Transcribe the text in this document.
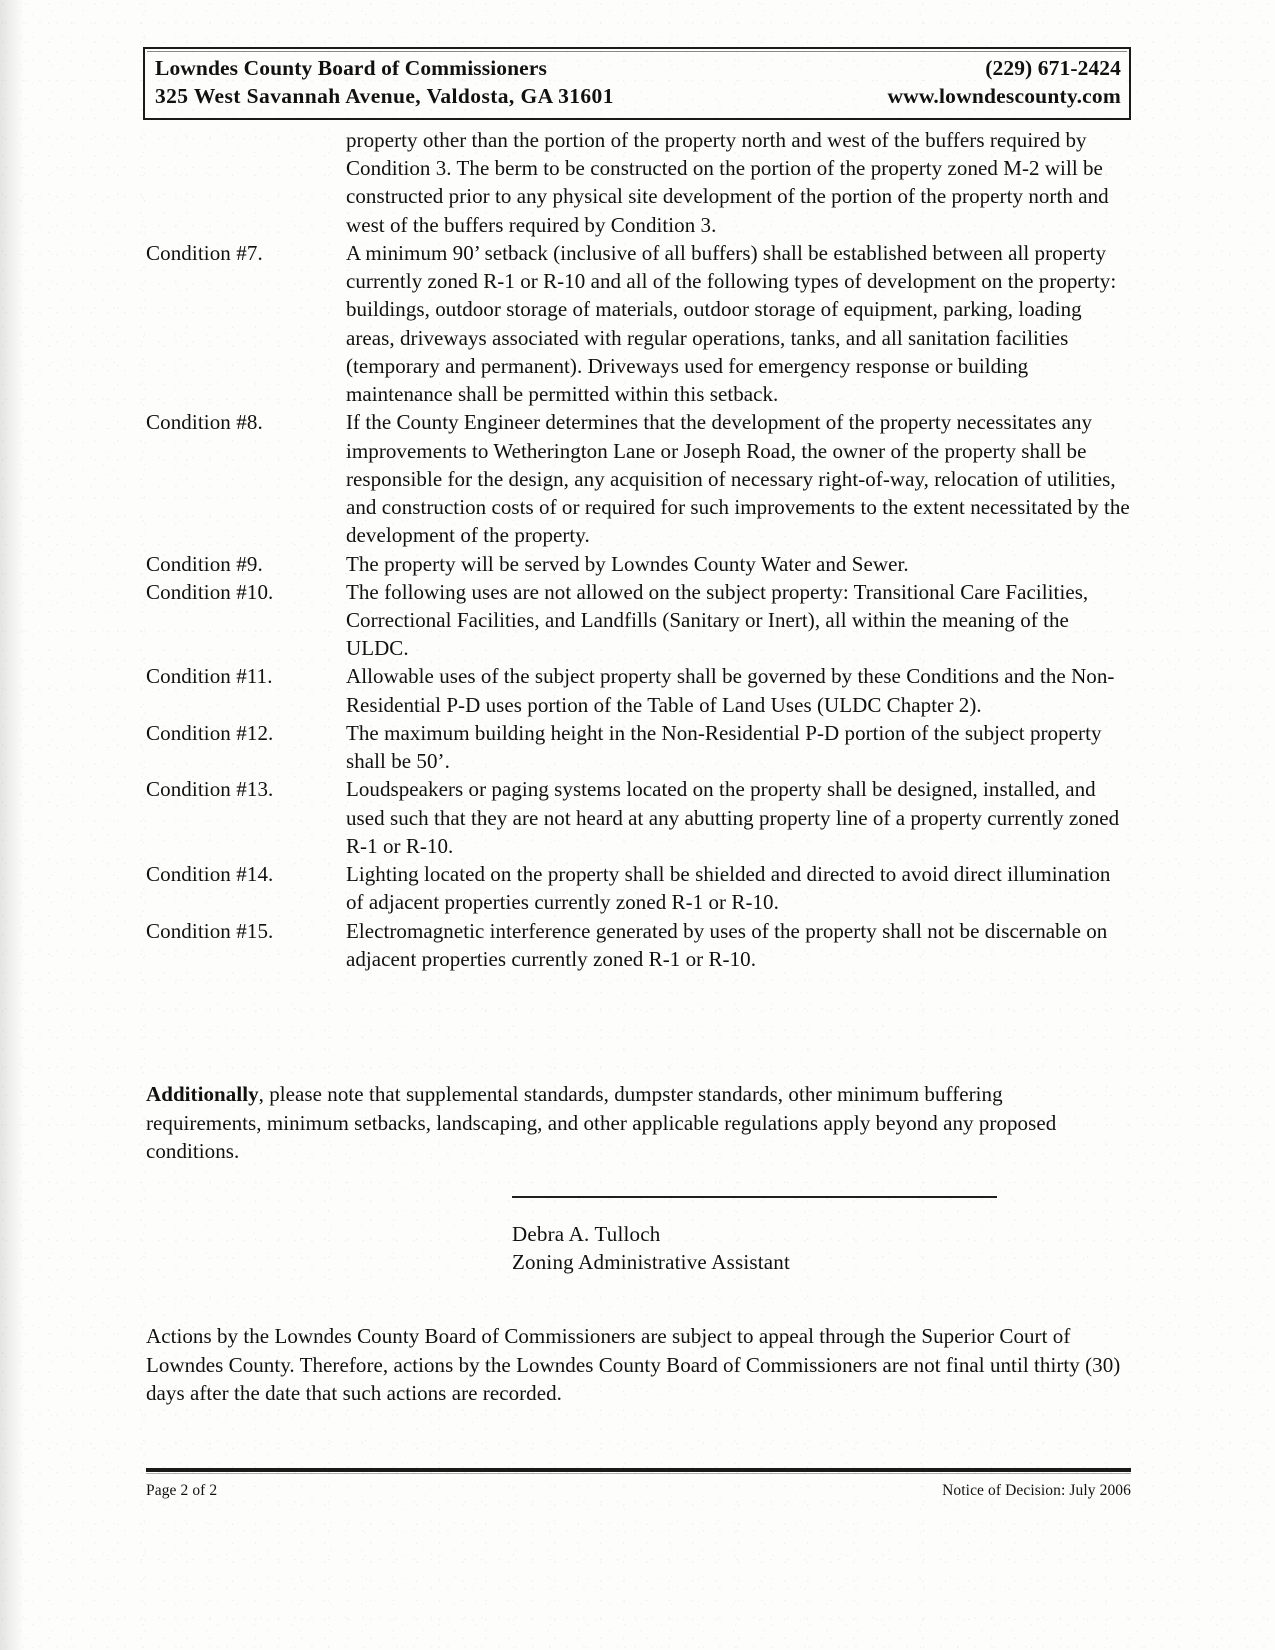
Lowndes County Board of Commissioners	(229) 671-2424
325 West Savannah Avenue, Valdosta, GA 31601	www.lowndescounty.com
property other than the portion of the property north and west of the buffers required by Condition 3. The berm to be constructed on the portion of the property zoned M-2 will be constructed prior to any physical site development of the portion of the property north and west of the buffers required by Condition 3.
Condition #7.	A minimum 90’ setback (inclusive of all buffers) shall be established between all property currently zoned R-1 or R-10 and all of the following types of development on the property: buildings, outdoor storage of materials, outdoor storage of equipment, parking, loading areas, driveways associated with regular operations, tanks, and all sanitation facilities (temporary and permanent). Driveways used for emergency response or building maintenance shall be permitted within this setback.
Condition #8.	If the County Engineer determines that the development of the property necessitates any improvements to Wetherington Lane or Joseph Road, the owner of the property shall be responsible for the design, any acquisition of necessary right-of-way, relocation of utilities, and construction costs of or required for such improvements to the extent necessitated by the development of the property.
Condition #9.	The property will be served by Lowndes County Water and Sewer.
Condition #10.	The following uses are not allowed on the subject property: Transitional Care Facilities, Correctional Facilities, and Landfills (Sanitary or Inert), all within the meaning of the ULDC.
Condition #11.	Allowable uses of the subject property shall be governed by these Conditions and the Non-Residential P-D uses portion of the Table of Land Uses (ULDC Chapter 2).
Condition #12.	The maximum building height in the Non-Residential P-D portion of the subject property shall be 50’.
Condition #13.	Loudspeakers or paging systems located on the property shall be designed, installed, and used such that they are not heard at any abutting property line of a property currently zoned R-1 or R-10.
Condition #14.	Lighting located on the property shall be shielded and directed to avoid direct illumination of adjacent properties currently zoned R-1 or R-10.
Condition #15.	Electromagnetic interference generated by uses of the property shall not be discernable on adjacent properties currently zoned R-1 or R-10.
Additionally, please note that supplemental standards, dumpster standards, other minimum buffering requirements, minimum setbacks, landscaping, and other applicable regulations apply beyond any proposed conditions.
Debra A. Tulloch
Zoning Administrative Assistant
Actions by the Lowndes County Board of Commissioners are subject to appeal through the Superior Court of Lowndes County. Therefore, actions by the Lowndes County Board of Commissioners are not final until thirty (30) days after the date that such actions are recorded.
Page 2 of 2	Notice of Decision: July 2006
